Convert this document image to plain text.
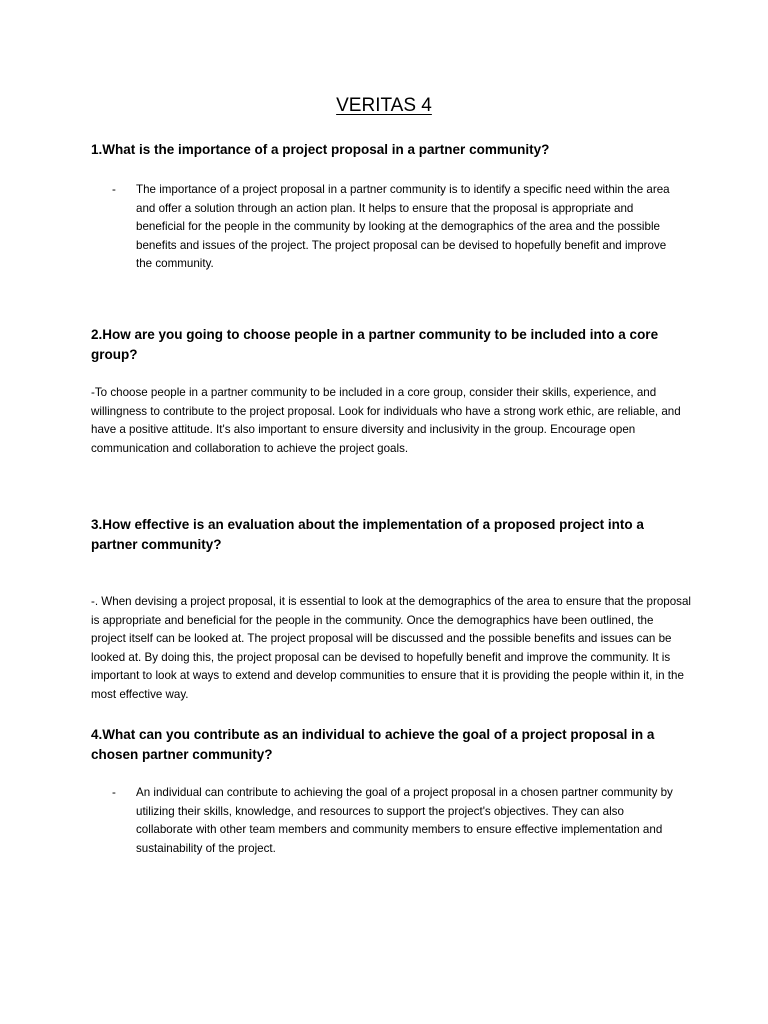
VERITAS 4
1.What is the importance of a project proposal in a partner community?
- The importance of a project proposal in a partner community is to identify a specific need within the area and offer a solution through an action plan. It helps to ensure that the proposal is appropriate and beneficial for the people in the community by looking at the demographics of the area and the possible benefits and issues of the project. The project proposal can be devised to hopefully benefit and improve the community.
2.How are you going to choose people in a partner community to be included into a core group?
-To choose people in a partner community to be included in a core group, consider their skills, experience, and willingness to contribute to the project proposal. Look for individuals who have a strong work ethic, are reliable, and have a positive attitude. It's also important to ensure diversity and inclusivity in the group. Encourage open communication and collaboration to achieve the project goals.
3.How effective is an evaluation about the implementation of a proposed project into a partner community?
-. When devising a project proposal, it is essential to look at the demographics of the area to ensure that the proposal is appropriate and beneficial for the people in the community. Once the demographics have been outlined, the project itself can be looked at. The project proposal will be discussed and the possible benefits and issues can be looked at. By doing this, the project proposal can be devised to hopefully benefit and improve the community. It is important to look at ways to extend and develop communities to ensure that it is providing the people within it, in the most effective way.
4.What can you contribute as an individual to achieve the goal of a project proposal in a chosen partner community?
- An individual can contribute to achieving the goal of a project proposal in a chosen partner community by utilizing their skills, knowledge, and resources to support the project's objectives. They can also collaborate with other team members and community members to ensure effective implementation and sustainability of the project.
